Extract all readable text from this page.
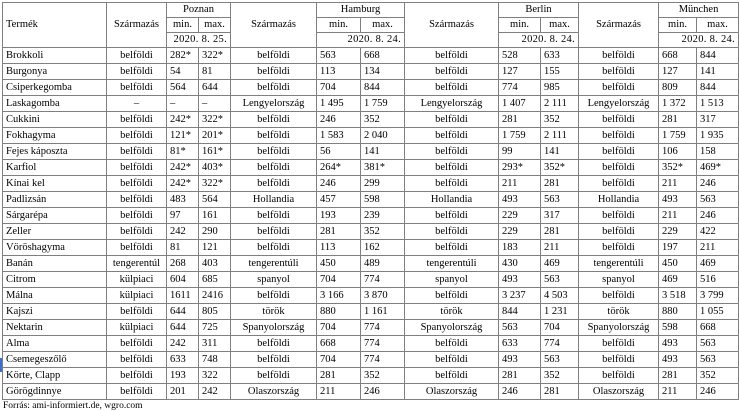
Termék	Származás	Poznan		Származás	Hamburg		Származás	Berlin		Származás	München	
		min.	max.		min.	max.		min.	max.		min.	max.
		2020. 8. 25.			2020. 8. 24.			2020. 8. 24.			2020. 8. 24.	
Brokkoli	belföldi	282*	322*	belföldi	563	668	belföldi	528	633	belföldi	668	844
Burgonya	belföldi	54	81	belföldi	113	134	belföldi	127	155	belföldi	127	141
Csiperkegomba	belföldi	564	644	belföldi	704	844	belföldi	774	985	belföldi	809	844
Laskagomba	–	–	–	Lengyelország	1 495	1 759	Lengyelország	1 407	2 111	Lengyelország	1 372	1 513
Cukkini	belföldi	242*	322*	belföldi	246	352	belföldi	281	352	belföldi	281	317
Fokhagyma	belföldi	121*	201*	belföldi	1 583	2 040	belföldi	1 759	2 111	belföldi	1 759	1 935
Fejes káposzta	belföldi	81*	161*	belföldi	56	141	belföldi	99	141	belföldi	106	158
Karfiol	belföldi	242*	403*	belföldi	264*	381*	belföldi	293*	352*	belföldi	352*	469*
Kínai kel	belföldi	242*	322*	belföldi	246	299	belföldi	211	281	belföldi	211	246
Padlizsán	belföldi	483	564	Hollandia	457	598	Hollandia	493	563	Hollandia	493	563
Sárgarépa	belföldi	97	161	belföldi	193	239	belföldi	229	317	belföldi	211	246
Zeller	belföldi	242	290	belföldi	281	352	belföldi	229	281	belföldi	229	422
Vöröshagyma	belföldi	81	121	belföldi	113	162	belföldi	183	211	belföldi	197	211
Banán	tengerentúl	268	403	tengerentúli	450	489	tengerentúli	430	469	tengerentúli	450	469
Citrom	külpiaci	604	685	spanyol	704	774	spanyol	493	563	spanyol	469	516
Málna	külpiaci	1611	2416	belföldi	3 166	3 870	belföldi	3 237	4 503	belföldi	3 518	3 799
Kajszi	belföldi	644	805	török	880	1 161	török	844	1 231	török	880	1 055
Nektarin	külpiaci	644	725	Spanyolország	704	774	Spanyolország	563	704	Spanyolország	598	668
Alma	belföldi	242	311	belföldi	668	774	belföldi	633	774	belföldi	493	563
Csemegeszőlő	belföldi	633	748	belföldi	704	774	belföldi	493	563	belföldi	493	563
Körte, Clapp	belföldi	193	322	belföldi	281	352	belföldi	281	352	belföldi	281	352
Görögdinnye	belföldi	201	242	Olaszország	211	246	Olaszország	246	281	Olaszország	211	246
Forrás: ami-informiert.de, wgro.com
